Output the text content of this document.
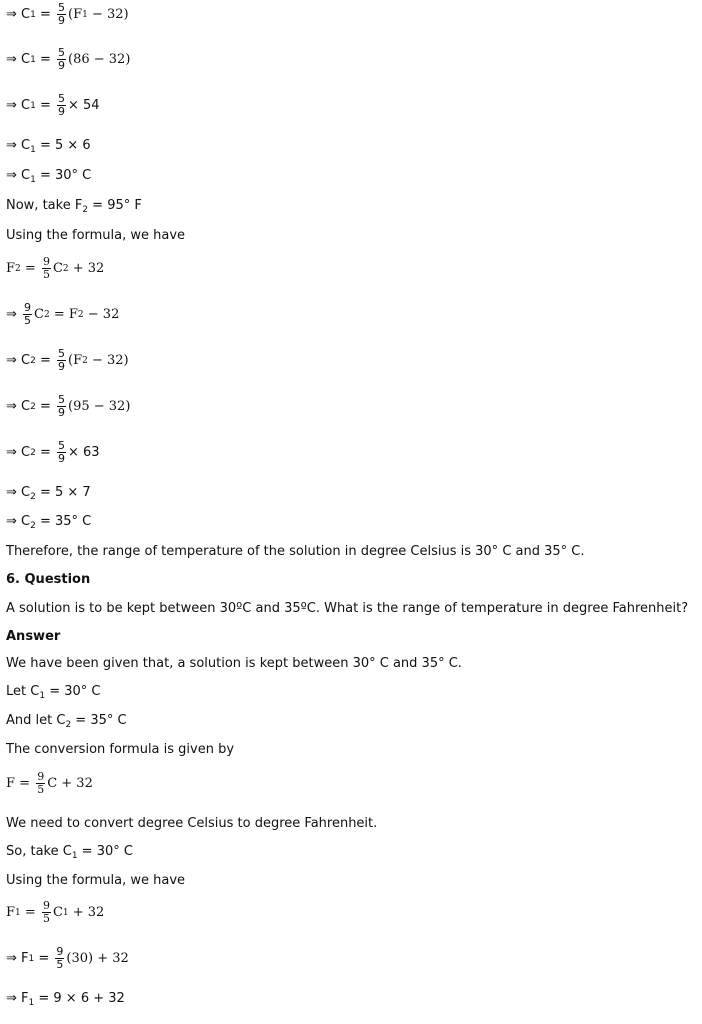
⇒ C $1 = \frac{5}{9} (F$ 1 − 32)
⇒ C $1 = \frac{5}{9} (86 - 32)$
⇒ C $1 = \frac{5}{9} \times 54$
⇒ $C_1 = 5 \times 6$
⇒ $C_1 = 30^\circ$ C
Now, take $F_2 = 95^\circ$ F
Using the formula, we have
F $2 = \frac{9}{5}$ C 2 + 32
⇒ $\frac{9}{5}$ C 2 = F 2 − 32
⇒ C $2 = \frac{5}{9} (F$ 2 − 32)
⇒ C $2 = \frac{5}{9} (95 - 32)$
⇒ C $2 = \frac{5}{9} \times 63$
⇒ $C_2 = 5 \times 7$
⇒ $C_2 = 35^\circ$ C
Therefore, the range of temperature of the solution in degree Celsius is 30° C and 35° C.
6. Question
A solution is to be kept between 30ºC and 35ºC. What is the range of temperature in degree Fahrenheit?
Answer
We have been given that, a solution is kept between 30° C and 35° C.
Let $C_1 = 30^\circ$ C
And let $C_2 = 35^\circ$ C
The conversion formula is given by
$F = \frac{9}{5}$ C + 32
We need to convert degree Celsius to degree Fahrenheit.
So, take $C_1 = 30^\circ$ C
Using the formula, we have
F $1 = \frac{9}{5}$ C 1 + 32
⇒ F $1 = \frac{9}{5} (30) + 32$
⇒ $F_1 = 9 \times 6 + 32$
